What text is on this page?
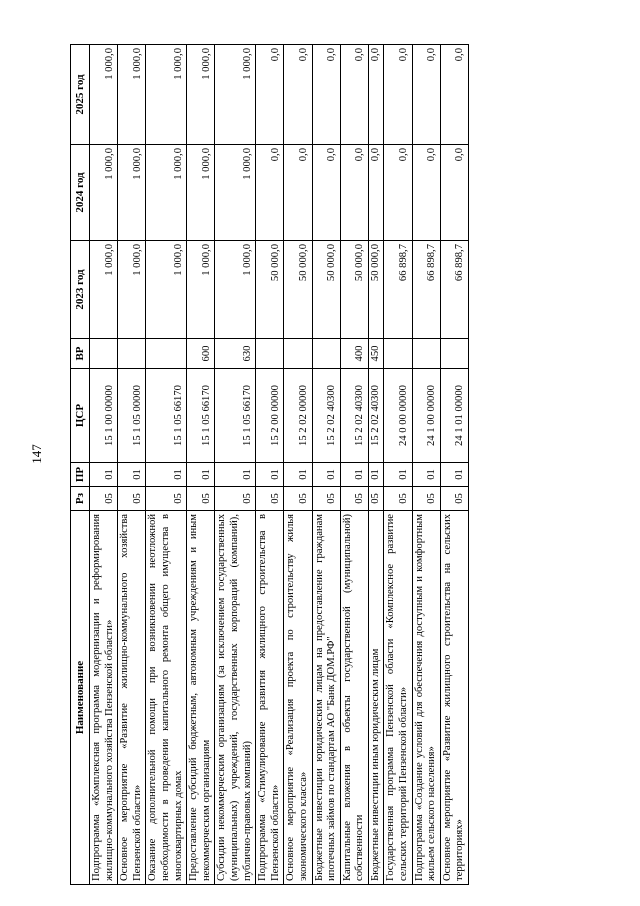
147
Наименование	Рз	ПР	ЦСР	ВР	2023 год	2024 год	2025 год
Подпрограмма «Комплексная программа модернизации и реформирования жилищно-коммунального хозяйства Пензенской области»	05	01	15 1 00 00000		1 000,0	1 000,0	1 000,0
Основное мероприятие «Развитие жилищно-коммунального хозяйства Пензенской области»	05	01	15 1 05 00000		1 000,0	1 000,0	1 000,0
Оказание дополнительной помощи при возникновении неотложной необходимости в проведении капитального ремонта общего имущества в многоквартирных домах	05	01	15 1 05 66170		1 000,0	1 000,0	1 000,0
Предоставление субсидий бюджетным, автономным учреждениям и иным некоммерческим организациям	05	01	15 1 05 66170	600	1 000,0	1 000,0	1 000,0
Субсидии некоммерческим организациям (за исключением государственных (муниципальных) учреждений, государственных корпораций (компаний), публично-правовых компаний)	05	01	15 1 05 66170	630	1 000,0	1 000,0	1 000,0
Подпрограмма «Стимулирование развития жилищного строительства в Пензенской области»	05	01	15 2 00 00000		50 000,0	0,0	0,0
Основное мероприятие «Реализация проекта по строительству жилья экономического класса»	05	01	15 2 02 00000		50 000,0	0,0	0,0
Бюджетные инвестиции юридическим лицам на предоставление гражданам ипотечных займов по стандартам АО "Банк ДОМ.РФ"	05	01	15 2 02 40300		50 000,0	0,0	0,0
Капитальные вложения в объекты государственной (муниципальной) собственности	05	01	15 2 02 40300	400	50 000,0	0,0	0,0
Бюджетные инвестиции иным юридическим лицам	05	01	15 2 02 40300	450	50 000,0	0,0	0,0
Государственная программа Пензенской области «Комплексное развитие сельских территорий Пензенской области»	05	01	24 0 00 00000		66 898,7	0,0	0,0
Подпрограмма «Создание условий для обеспечения доступным и комфортным жильем сельского населения»	05	01	24 1 00 00000		66 898,7	0,0	0,0
Основное мероприятие «Развитие жилищного строительства на сельских территориях»	05	01	24 1 01 00000		66 898,7	0,0	0,0
